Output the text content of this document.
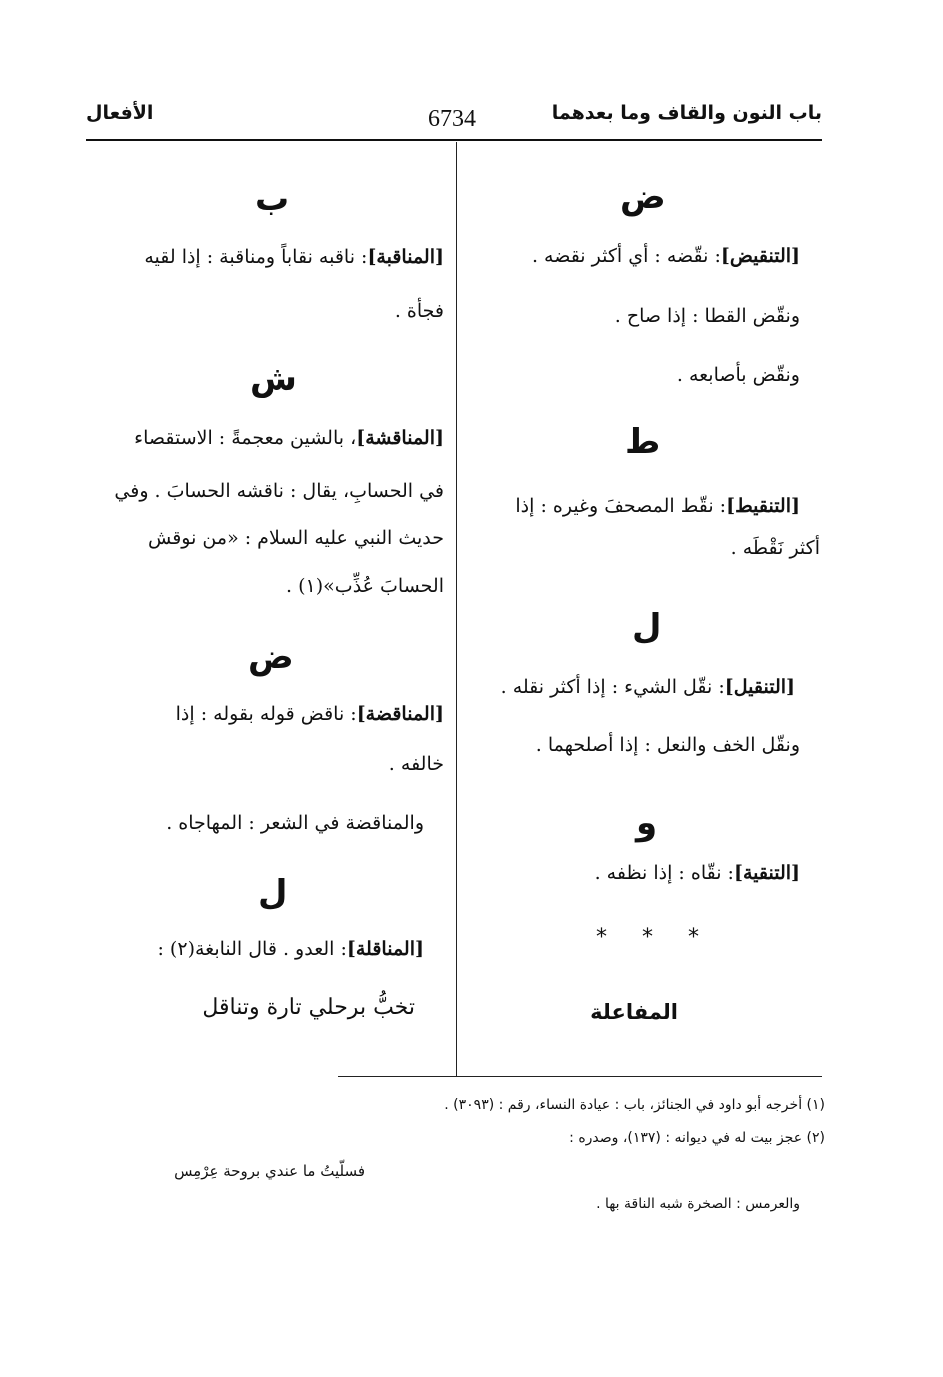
باب النون والقاف وما بعدهما
6734
الأفعال
ض
[التنقيض]: نقّضه : أي أكثر نقضه .
ونقّض القطا : إذا صاح .
ونقّض بأصابعه .
ط
[التنقيط]: نقّط المصحفَ وغيره : إذا
أكثر نَقْطَه .
ل
[التنقيل]: نقّل الشيء : إذا أكثر نقله .
ونقّل الخف والنعل : إذا أصلحهما .
و
[التنقية]: نقّاه : إذا نظفه .
* * *
المفاعلة
ب
[المناقبة]: ناقبه نقاباً ومناقبة : إذا لقيه
فجأة .
ش
[المناقشة]، بالشين معجمةً : الاستقصاء
في الحسابِ، يقال : ناقشه الحسابَ . وفي
حديث النبي عليه السلام : «من نوقش
الحسابَ عُذِّب»(١) .
ض
[المناقضة]: ناقض قوله بقوله : إذا
خالفه .
والمناقضة في الشعر : المهاجاه .
ل
[المناقلة]: العدو . قال النابغة(٢) :
تخبُّ برحلي تارة وتناقل
(١) أخرجه أبو داود في الجنائز، باب : عيادة النساء، رقم : (٣٠٩٣) .
(٢) عجز بيت له في ديوانه : (١٣٧)، وصدره :
فسلّيتُ ما عندي بروحة عِرْمِس
والعرمس : الصخرة شبه الناقة بها .
